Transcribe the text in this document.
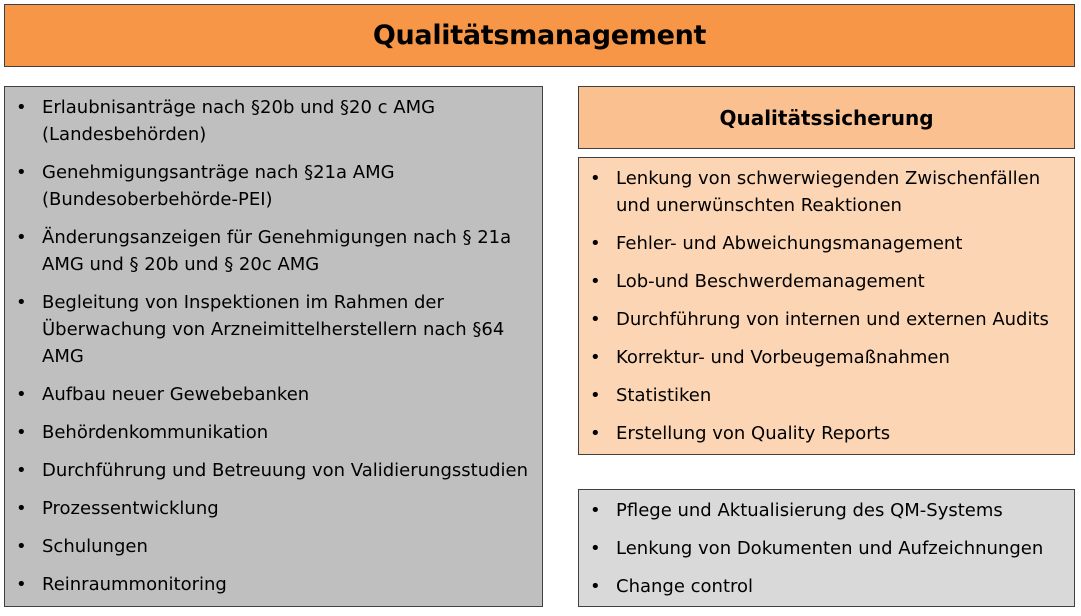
Qualitätsmanagement
• Erlaubnisanträge nach §20b und §20 c AMG (Landesbehörden)
• Genehmigungsanträge nach §21a AMG (Bundesoberbehörde-PEI)
• Änderungsanzeigen für Genehmigungen nach § 21a AMG und § 20b und § 20c AMG
• Begleitung von Inspektionen im Rahmen der Überwachung von Arzneimittelherstellern nach §64 AMG
• Aufbau neuer Gewebebanken
• Behördenkommunikation
• Durchführung und Betreuung von Validierungsstudien
• Prozessentwicklung
• Schulungen
• Reinraummonitoring
Qualitätssicherung
• Lenkung von schwerwiegenden Zwischenfällen und unerwünschten Reaktionen
• Fehler- und Abweichungsmanagement
• Lob-und Beschwerdemanagement
• Durchführung von internen und externen Audits
• Korrektur- und Vorbeugemaßnahmen
• Statistiken
• Erstellung von Quality Reports
• Pflege und Aktualisierung des QM-Systems
• Lenkung von Dokumenten und Aufzeichnungen
• Change control
